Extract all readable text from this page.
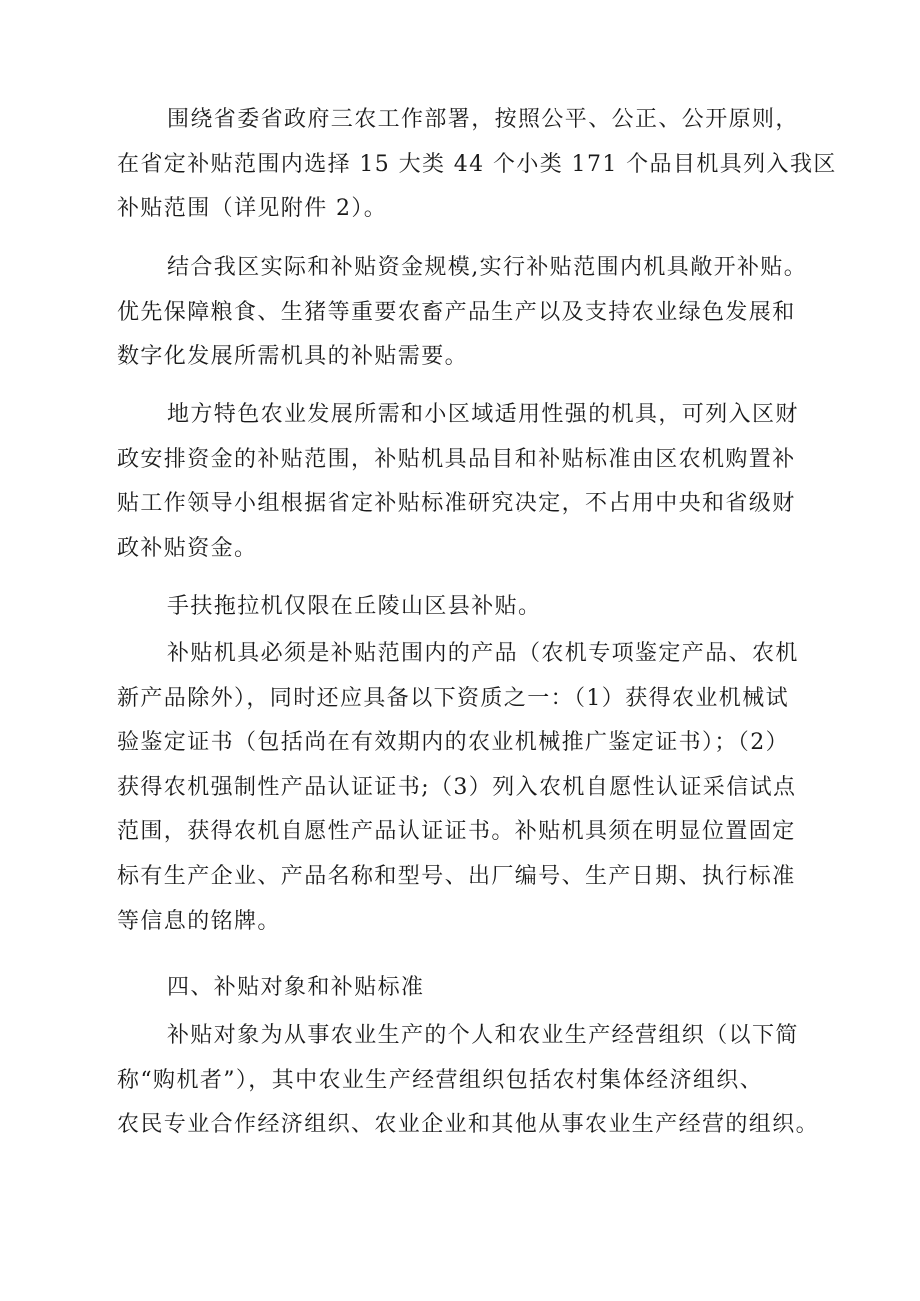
围绕省委省政府三农工作部署，按照公平、公正、公开原则，
在省定补贴范围内选择 15 大类 44 个小类 171 个品目机具列入我区
补贴范围（详见附件 2）。

结合我区实际和补贴资金规模,实行补贴范围内机具敞开补贴。
优先保障粮食、生猪等重要农畜产品生产以及支持农业绿色发展和
数字化发展所需机具的补贴需要。

地方特色农业发展所需和小区域适用性强的机具，可列入区财
政安排资金的补贴范围，补贴机具品目和补贴标准由区农机购置补
贴工作领导小组根据省定补贴标准研究决定，不占用中央和省级财
政补贴资金。

手扶拖拉机仅限在丘陵山区县补贴。

补贴机具必须是补贴范围内的产品（农机专项鉴定产品、农机
新产品除外），同时还应具备以下资质之一：（1）获得农业机械试
验鉴定证书（包括尚在有效期内的农业机械推广鉴定证书）；（2）
获得农机强制性产品认证证书;（3）列入农机自愿性认证采信试点
范围，获得农机自愿性产品认证证书。补贴机具须在明显位置固定
标有生产企业、产品名称和型号、出厂编号、生产日期、执行标准
等信息的铭牌。

四、补贴对象和补贴标准

补贴对象为从事农业生产的个人和农业生产经营组织（以下简
称“购机者”），其中农业生产经营组织包括农村集体经济组织、
农民专业合作经济组织、农业企业和其他从事农业生产经营的组织。
